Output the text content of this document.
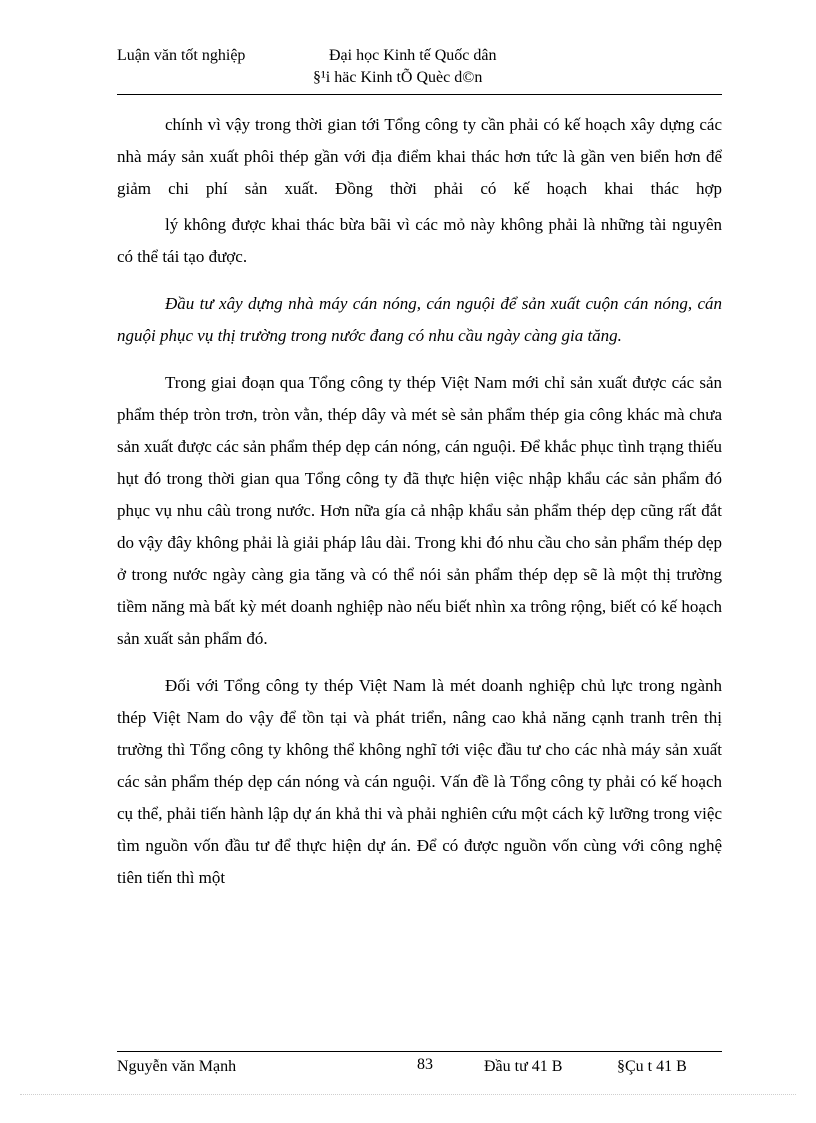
Luận văn tốt nghiệp	Đại học Kinh tế Quốc dân
§¹i häc Kinh tÕ Quèc d©n

chính vì vậy trong thời gian tới Tổng công ty cần phải có kế hoạch xây dựng các nhà máy sản xuất phôi thép gần với địa điểm khai thác hơn tức là gần ven biển hơn để giảm chi phí sản xuất. Đồng thời phải có kế hoạch khai thác hợp

lý không được khai thác bừa bãi vì các mỏ này không phải là những tài nguyên có thể tái tạo được.

Đầu tư xây dựng nhà máy cán nóng, cán nguội để sản xuất cuộn cán nóng, cán nguội phục vụ thị trường trong nước đang có nhu cầu ngày càng gia tăng.

Trong giai đoạn qua Tổng công ty thép Việt Nam mới chỉ sản xuất được các sản phẩm thép tròn trơn, tròn vằn, thép dây và mét sè sản phẩm thép gia công khác mà chưa sản xuất được các sản phẩm thép dẹp cán nóng, cán nguội. Để khắc phục tình trạng thiếu hụt đó trong thời gian qua Tổng công ty đã thực hiện việc nhập khẩu các sản phẩm đó phục vụ nhu câù trong nước. Hơn nữa gía cả nhập khẩu sản phẩm thép dẹp cũng rất đắt do vậy đây không phải là giải pháp lâu dài. Trong khi đó nhu cầu cho sản phẩm thép dẹp ở trong nước ngày càng gia tăng và có thể nói sản phẩm thép dẹp sẽ là một thị trường tiềm năng mà bất kỳ mét doanh nghiệp nào nếu biết nhìn xa trông rộng, biết có kế hoạch sản xuất sản phẩm đó.

Đối với Tổng công ty thép Việt Nam là mét doanh nghiệp chủ lực trong ngành thép Việt Nam do vậy để tồn tại và phát triển, nâng cao khả năng cạnh tranh trên thị trường thì Tổng công ty không thể không nghĩ tới việc đầu tư cho các nhà máy sản xuất các sản phẩm thép dẹp cán nóng và cán nguội. Vấn đề là Tổng công ty phải có kế hoạch cụ thể, phải tiến hành lập dự án khả thi và phải nghiên cứu một cách kỹ lưỡng trong việc tìm nguồn vốn đầu tư để thực hiện dự án. Để có được nguồn vốn cùng với công nghệ tiên tiến thì một

Nguyễn văn Mạnh	83	Đầu tư 41 B	§Çu t 41 B
